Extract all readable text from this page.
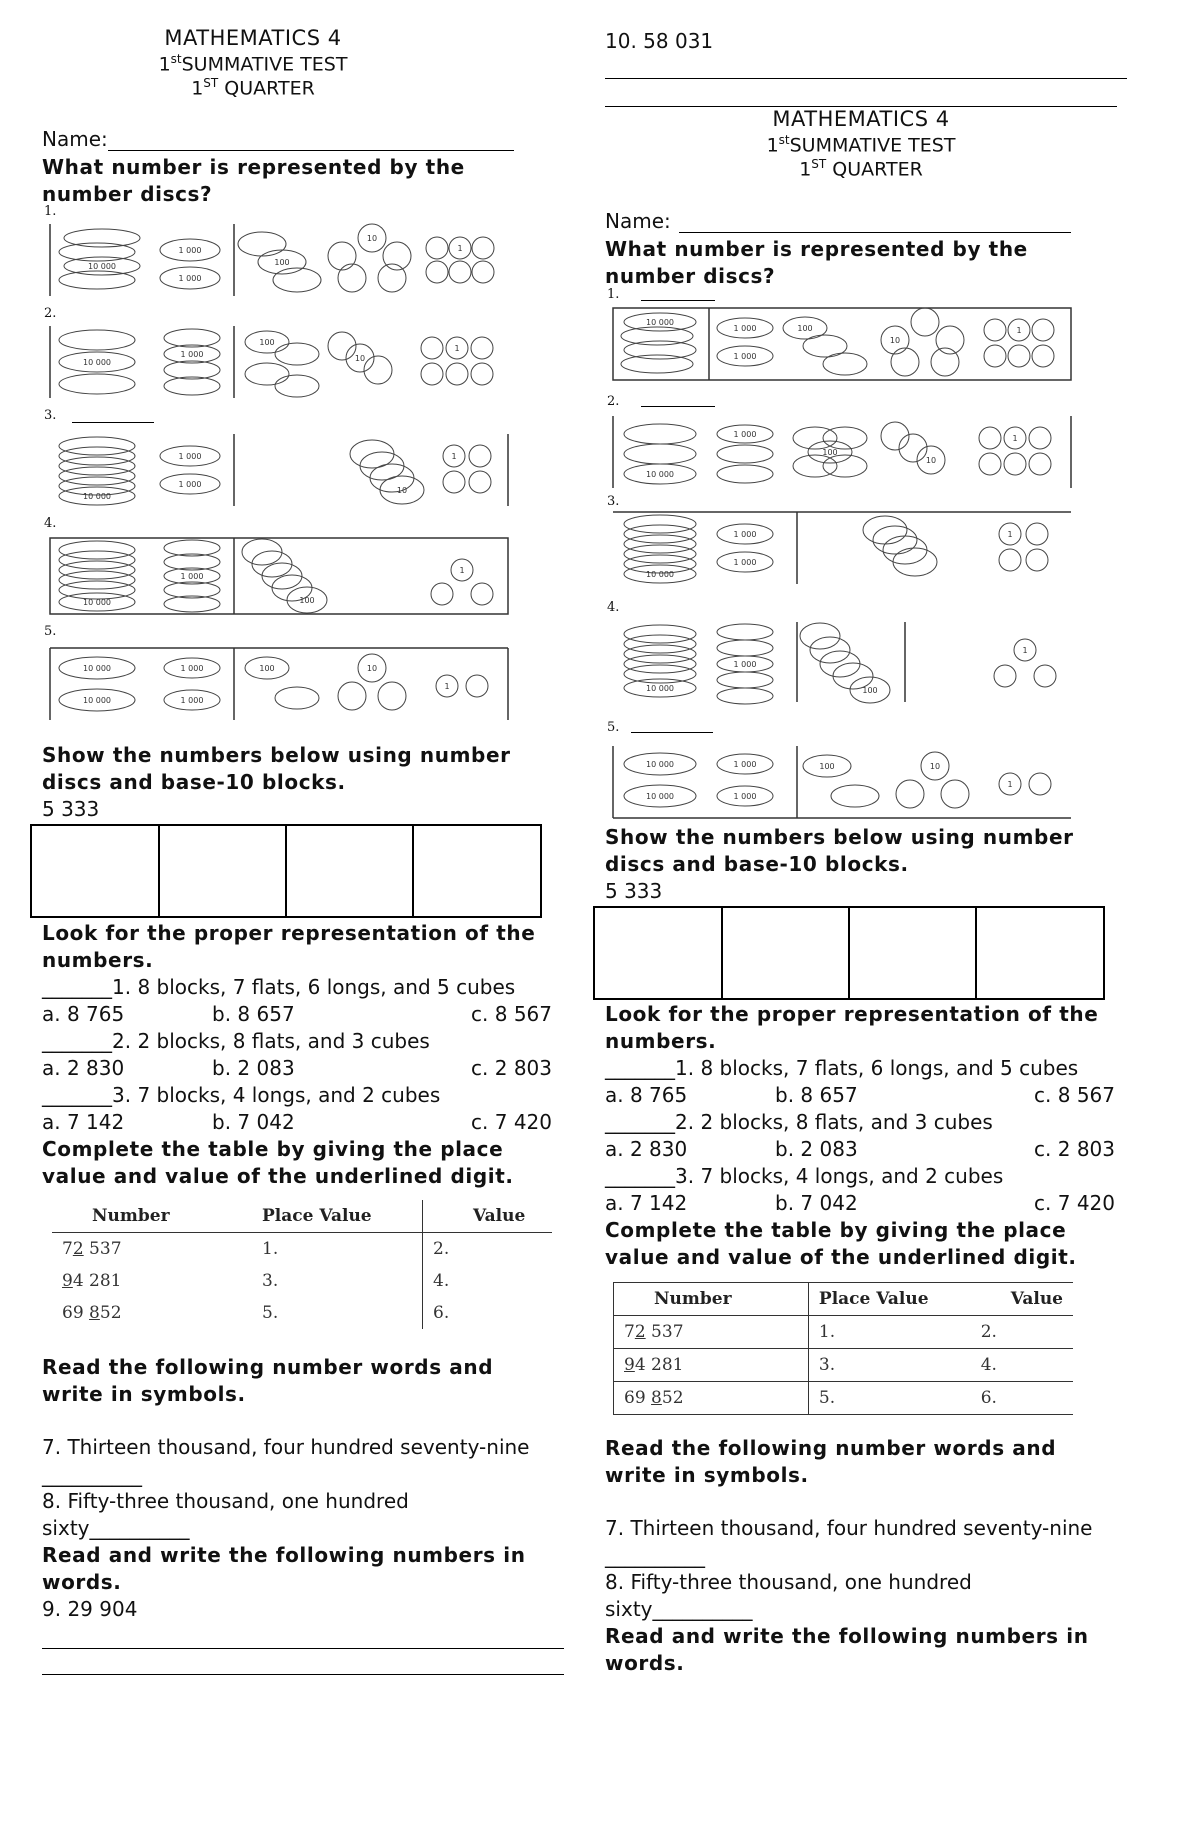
MATHEMATICS 4
1stSUMMATIVE TEST
1ST QUARTER
Name:
What number is represented by the number discs?
1.
10 000
1 000
1 000
100
10
1
2.
10 000
1 000
100
10
1
3.
10 000
1 000
1 000
10
1
4.
10 000
1 000
100
1
5.
10 000
10 000
1 000
1 000
100	10
1
Show the numbers below using number discs and base-10 blocks.
5 333
Look for the proper representation of the numbers.
_______1. 8 blocks, 7 flats, 6 longs, and 5 cubes
a. 8 765	b. 8 657	c. 8 567
_______2. 2 blocks, 8 flats, and 3 cubes
a. 2 830	b. 2 083	c. 2 803
_______3. 7 blocks, 4 longs, and 2 cubes
a. 7 142	b. 7 042	c. 7 420
Complete the table by giving the place value and value of the underlined digit.
Number	Place Value	Value
72 537	1.	2.
94 281	3.	4.
69 852	5.	6.
Read the following number words and write in symbols.
7. Thirteen thousand, four hundred seventy-nine
__________
8. Fifty-three thousand, one hundred
sixty__________
Read and write the following numbers in words.
9. 29 904
10. 58 031
MATHEMATICS 4
1stSUMMATIVE TEST
1ST QUARTER
Name:
What number is represented by the number discs?
1.
10 000
1 000
1 000
100
10
1
2.
10 000
1 000
100
10
1
3.
10 000
1 000
1 000
1
4.
10 000
1 000
100
1
5.
10 000
10 000
1 000
1 000
100	10
1
Show the numbers below using number discs and base-10 blocks.
5 333
Look for the proper representation of the numbers.
_______1. 8 blocks, 7 flats, 6 longs, and 5 cubes
a. 8 765	b. 8 657	c. 8 567
_______2. 2 blocks, 8 flats, and 3 cubes
a. 2 830	b. 2 083	c. 2 803
_______3. 7 blocks, 4 longs, and 2 cubes
a. 7 142	b. 7 042	c. 7 420
Complete the table by giving the place value and value of the underlined digit.
Number	Place Value	Value
72 537	1.	2.
94 281	3.	4.
69 852	5.	6.
Read the following number words and write in symbols.
7. Thirteen thousand, four hundred seventy-nine
__________
8. Fifty-three thousand, one hundred
sixty__________
Read and write the following numbers in words.
